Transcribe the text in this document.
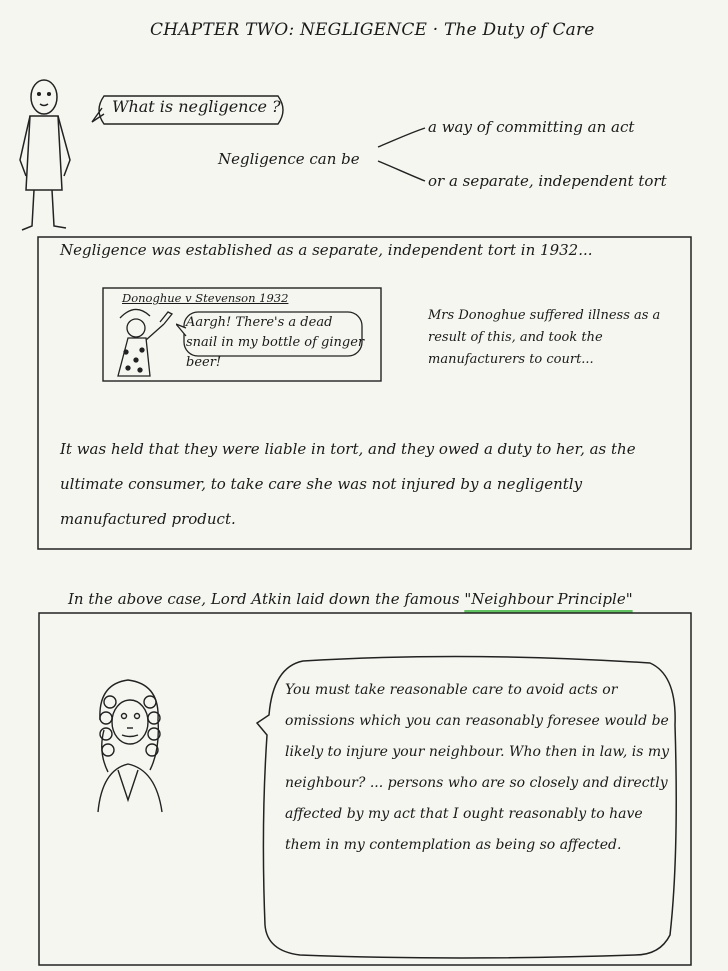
CHAPTER TWO: NEGLIGENCE · The Duty of Care
What is negligence ?
Negligence can be
a way of committing an act
or a separate, independent tort
Negligence was established as a separate, independent tort in 1932...
Donoghue v Stevenson 1932
Aargh! There's a dead snail in my bottle of ginger beer!
Mrs Donoghue suffered illness as a result of this, and took the manufacturers to court...
It was held that they were liable in tort, and they owed a duty to her, as the ultimate consumer, to take care she was not injured by a negligently manufactured product.
In the above case, Lord Atkin laid down the famous "Neighbour Principle"
You must take reasonable care to avoid acts or omissions which you can reasonably foresee would be likely to injure your neighbour. Who then in law, is my neighbour? ... persons who are so closely and directly affected by my act that I ought reasonably to have them in my contemplation as being so affected.
